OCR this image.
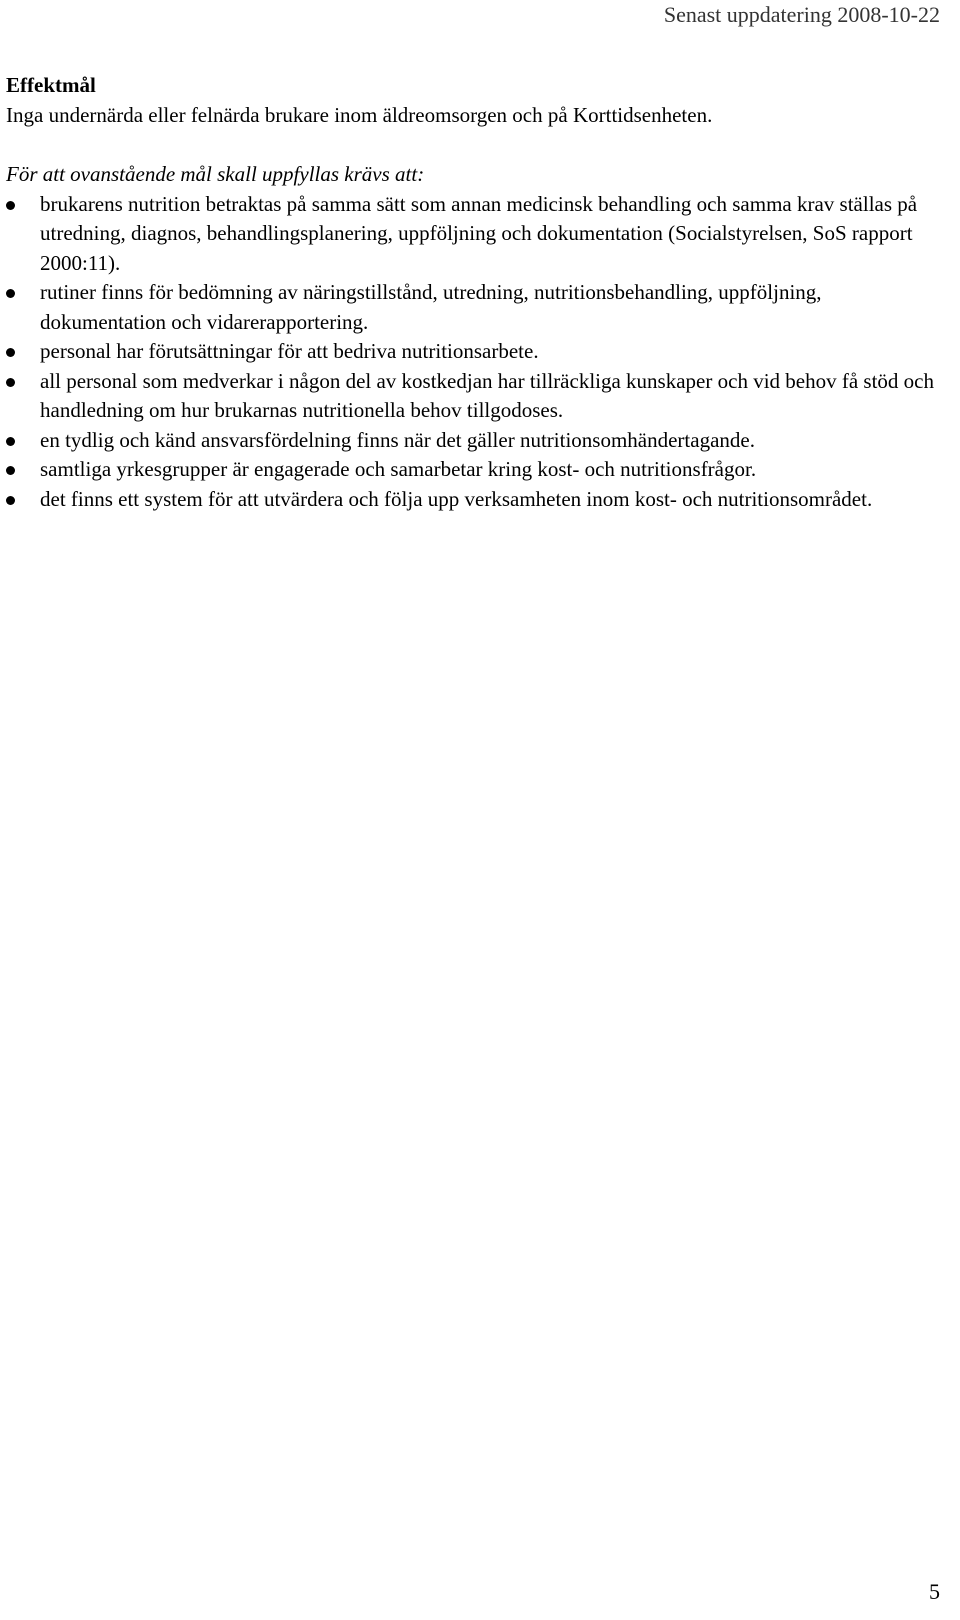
Senast uppdatering 2008-10-22

Effektmål

Inga undernärda eller felnärda brukare inom äldreomsorgen och på Korttidsenheten.

För att ovanstående mål skall uppfyllas krävs att:

brukarens nutrition betraktas på samma sätt som annan medicinsk behandling och samma krav ställas på utredning, diagnos, behandlingsplanering, uppföljning och dokumentation (Socialstyrelsen, SoS rapport 2000:11).
rutiner finns för bedömning av näringstillstånd, utredning, nutritionsbehandling, uppföljning, dokumentation och vidarerapportering.
personal har förutsättningar för att bedriva nutritionsarbete.
all personal som medverkar i någon del av kostkedjan har tillräckliga kunskaper och vid behov få stöd och handledning om hur brukarnas nutritionella behov tillgodoses.
en tydlig och känd ansvarsfördelning finns när det gäller nutritionsomhändertagande.
samtliga yrkesgrupper är engagerade och samarbetar kring kost- och nutritionsfrågor.
det finns ett system för att utvärdera och följa upp verksamheten inom kost- och nutritionsområdet.
5
